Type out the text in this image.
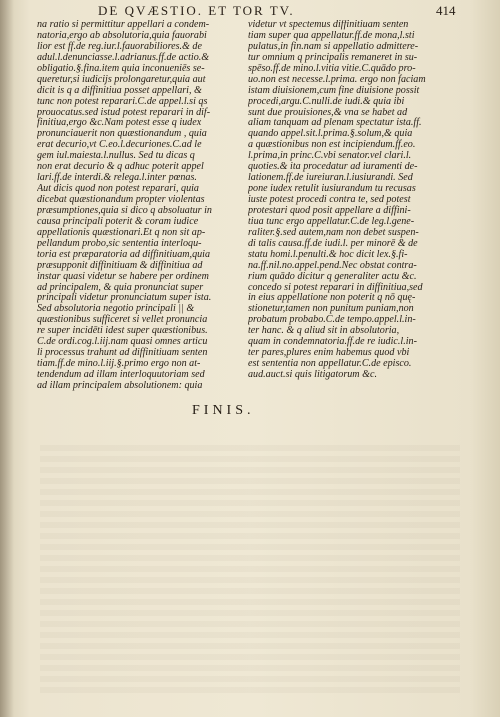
DE QVÆSTIO. ET TOR TV.	414
na ratio si permittitur appellari a condem-
natoria,ergo ab absolutoria,quia fauorabi
lior est ff.de reg.iur.l.fauorabiliores.& de
adul.l.denunciasse.l.adrianus.ff.de actio.&
obligatio.§.fina.item quia inconueniēs se-
queretur,si iudicijs prolongaretur,quia aut
dicit is q a diffinitiua posset appellari, &
tunc non potest reparari.C.de appel.l.si qs
prouocatus.sed istud potest reparari in dif-
finitiua,ergo &c.Nam potest esse q iudex
pronunciauerit non quæstionandum , quia
erat decurio,vt C.eo.l.decuriones.C.ad le
gem iul.maiesta.l.nullus. Sed tu dicas q
non erat decurio & q adhuc poterit appel
lari.ff.de interdi.& relega.l.inter pœnas.
Aut dicis quod non potest reparari, quia
dicebat quæstionandum propter violentas
præsumptiones,quia si dico q absoluatur in
causa principali poterit & coram iudice
appellationis quæstionari.Et q non sit ap-
pellandum probo,sic sententia interloqu-
toria est præparatoria ad diffinitiuam,quia
præsupponit diffinitiuam & diffinitiua ad
instar quasi videtur se habere per ordinem
ad principalem, & quia pronunciat super
principali videtur pronunciatum super ista.
Sed absolutoria negotio principali || &
quæstionibus sufficeret si vellet pronuncia
re super incidēti idest super quæstionibus.
C.de ordi.cog.l.iij.nam quasi omnes articu
li processus trahunt ad diffinitiuam senten
tiam.ff.de mino.l.iij.§.primo ergo non at-
tendendum ad illam interloquutoriam sed
ad illam principalem absolutionem: quia
videtur vt spectemus diffinitiuam senten
tiam super qua appellatur.ff.de mona,l.sti
pulatus,in fin.nam si appellatio admittere-
tur omnium q principalis remaneret in su-
spēso.ff.de mino.l.vitia vitie.C.quādo pro-
uo.non est necesse.l.prima. ergo non faciam
istam diuisionem,cum fine diuisione possit
procedi,argu.C.nulli.de iudi.& quia ibi
sunt due prouisiones,& vna se habet ad
aliam tanquam ad plenam spectatur ista.ff.
quando appel.sit.l.prima.§.solum,& quia
a quæstionibus non est incipiendum.ff.eo.
l.prima,in princ.C.vbi senator.vel clari.l.
quoties.& ita procedatur ad iuramenti de-
lationem.ff.de iureiuran.l.iusiurandi. Sed
pone iudex retulit iusiurandum tu recusas
iuste potest procedi contra te, sed potest
protestari quod posit appellare a diffini-
tiua tunc ergo appellatur.C.de leg.l.gene-
raliter.§.sed autem,nam non debet suspen-
di talis causa.ff.de iudi.l. per minorē & de
statu homi.l.penulti.& hoc dicit lex.§.fi-
na.ff.nil.no.appel.pend.Nec obstat contra-
rium quādo dicitur q generaliter actu &c.
concedo si potest reparari in diffinitiua,sed
in eius appellatione non poterit q nō quę-
stionetur,tamen non punitum puniam,non
probatum probabo.C.de tempo.appel.l.in-
ter hanc. & q aliud sit in absolutoria,
quam in condemnatoria.ff.de re iudic.l.in-
ter pares,plures enim habemus quod vbi
est sententia non appellatur.C.de episco.
aud.auct.si quis litigatorum &c.
FINIS.
